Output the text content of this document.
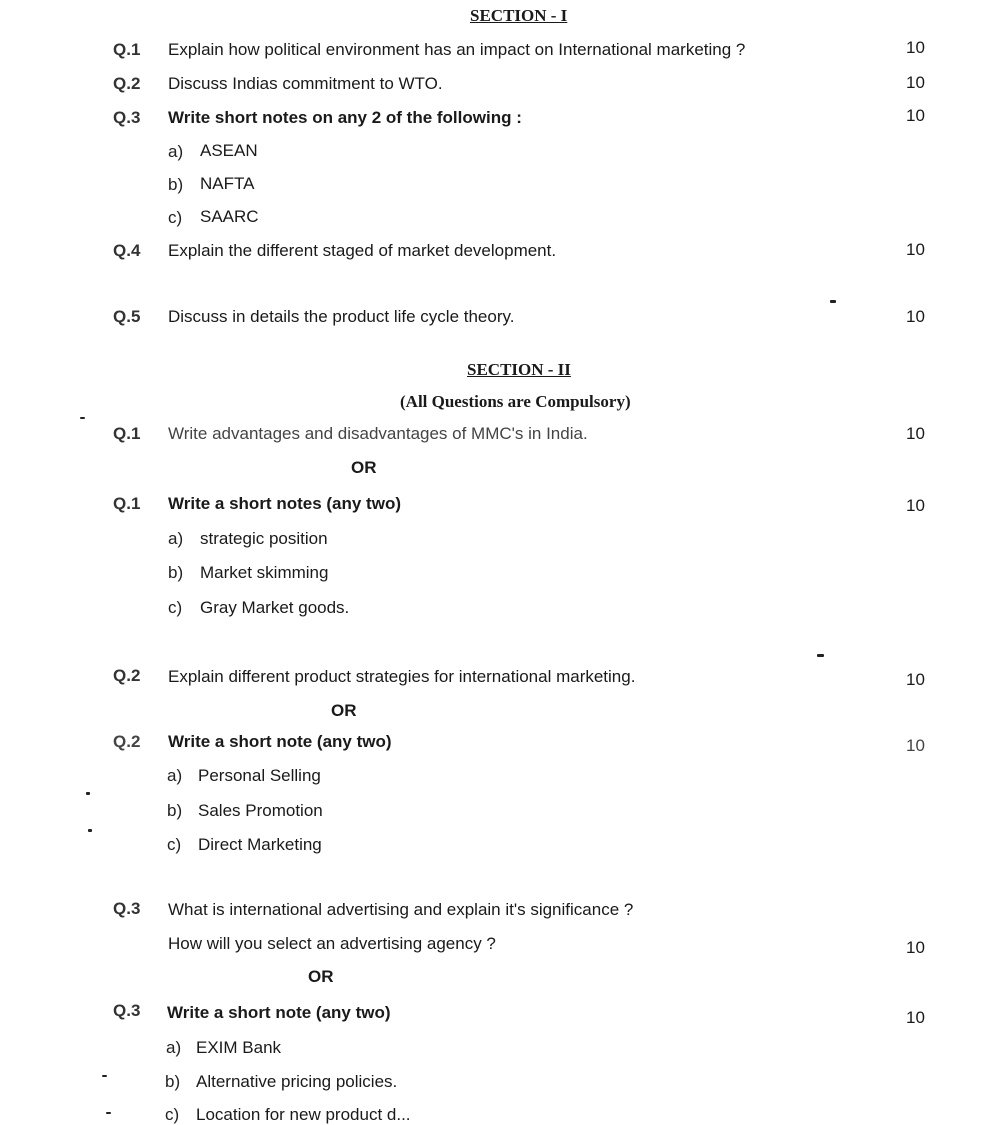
SECTION - I
Q.1 Explain how political environment has an impact on International marketing ?	10
Q.2 Discuss Indias commitment to WTO.	10
Q.3 Write short notes on any 2 of the following :	10
a) ASEAN
b) NAFTA
c) SAARC
Q.4 Explain the different staged of market development.	10
Q.5 Discuss in details the product life cycle theory.	10
SECTION - II
(All Questions are Compulsory)
Q.1 Write advantages and disadvantages of MMC's in India.	10
OR
Q.1 Write a short notes (any two)	10
a) strategic position
b) Market skimming
c) Gray Market goods.
Q.2 Explain different product strategies for international marketing.	10
OR
Q.2 Write a short note (any two)	10
a) Personal Selling
b) Sales Promotion
c) Direct Marketing
Q.3 What is international advertising and explain it's significance ?
How will you select an advertising agency ?	10
OR
Q.3 Write a short note (any two)	10
a) EXIM Bank
b) Alternative pricing policies.
c) Location for new product d...
